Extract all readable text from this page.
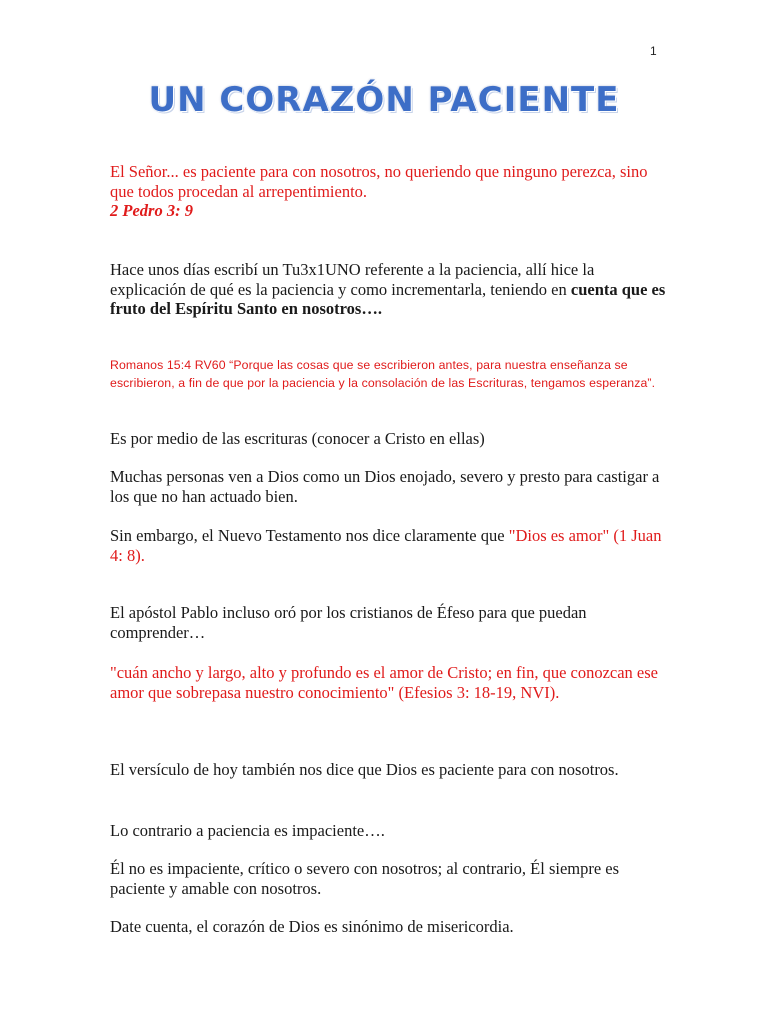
1
UN CORAZÓN PACIENTE
El Señor... es paciente para con nosotros, no queriendo que ninguno perezca, sino que todos procedan al arrepentimiento.
2 Pedro 3: 9
Hace unos días escribí un Tu3x1UNO referente a la paciencia, allí hice la explicación de qué es la paciencia y como incrementarla, teniendo en cuenta que es fruto del Espíritu Santo en nosotros….
Romanos 15:4 RV60 “Porque las cosas que se escribieron antes, para nuestra enseñanza se escribieron, a fin de que por la paciencia y la consolación de las Escrituras, tengamos esperanza”.
Es por medio de las escrituras (conocer a Cristo en ellas)
Muchas personas ven a Dios como un Dios enojado, severo y presto para castigar a los que no han actuado bien.
Sin embargo, el Nuevo Testamento nos dice claramente que "Dios es amor" (1 Juan 4: 8).
El apóstol Pablo incluso oró por los cristianos de Éfeso para que puedan comprender…
"cuán ancho y largo, alto y profundo es el amor de Cristo; en fin, que conozcan ese amor que sobrepasa nuestro conocimiento" (Efesios 3: 18-19, NVI).
El versículo de hoy también nos dice que Dios es paciente para con nosotros.
Lo contrario a paciencia es impaciente….
Él no es impaciente, crítico o severo con nosotros; al contrario, Él siempre es paciente y amable con nosotros.
Date cuenta, el corazón de Dios es sinónimo de misericordia.
